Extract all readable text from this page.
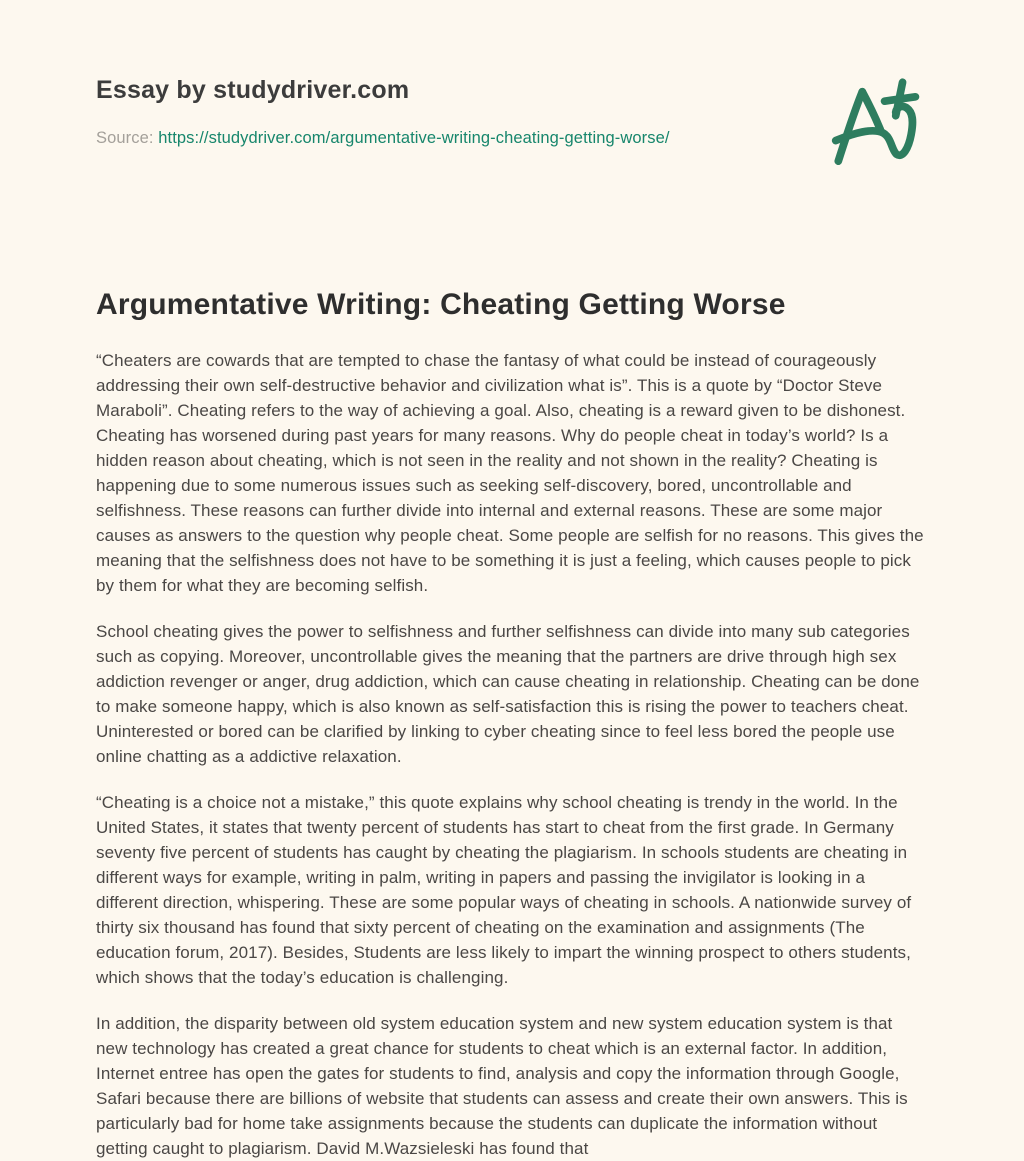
Essay by studydriver.com
Source: https://studydriver.com/argumentative-writing-cheating-getting-worse/
Argumentative Writing: Cheating Getting Worse

“Cheaters are cowards that are tempted to chase the fantasy of what could be instead of courageously addressing their own self-destructive behavior and civilization what is”. This is a quote by “Doctor Steve Maraboli”. Cheating refers to the way of achieving a goal. Also, cheating is a reward given to be dishonest. Cheating has worsened during past years for many reasons. Why do people cheat in today’s world? Is a hidden reason about cheating, which is not seen in the reality and not shown in the reality? Cheating is happening due to some numerous issues such as seeking self-discovery, bored, uncontrollable and selfishness. These reasons can further divide into internal and external reasons. These are some major causes as answers to the question why people cheat. Some people are selfish for no reasons. This gives the meaning that the selfishness does not have to be something it is just a feeling, which causes people to pick by them for what they are becoming selfish.

School cheating gives the power to selfishness and further selfishness can divide into many sub categories such as copying. Moreover, uncontrollable gives the meaning that the partners are drive through high sex addiction revenger or anger, drug addiction, which can cause cheating in relationship. Cheating can be done to make someone happy, which is also known as self-satisfaction this is rising the power to teachers cheat. Uninterested or bored can be clarified by linking to cyber cheating since to feel less bored the people use online chatting as a addictive relaxation.

“Cheating is a choice not a mistake,” this quote explains why school cheating is trendy in the world. In the United States, it states that twenty percent of students has start to cheat from the first grade. In Germany seventy five percent of students has caught by cheating the plagiarism. In schools students are cheating in different ways for example, writing in palm, writing in papers and passing the invigilator is looking in a different direction, whispering. These are some popular ways of cheating in schools. A nationwide survey of thirty six thousand has found that sixty percent of cheating on the examination and assignments (The education forum, 2017). Besides, Students are less likely to impart the winning prospect to others students, which shows that the today’s education is challenging.

In addition, the disparity between old system education system and new system education system is that new technology has created a great chance for students to cheat which is an external factor. In addition, Internet entree has open the gates for students to find, analysis and copy the information through Google, Safari because there are billions of website that students can assess and create their own answers. This is particularly bad for home take assignments because the students can duplicate the information without getting caught to plagiarism. David M.Wazsieleski has found that
